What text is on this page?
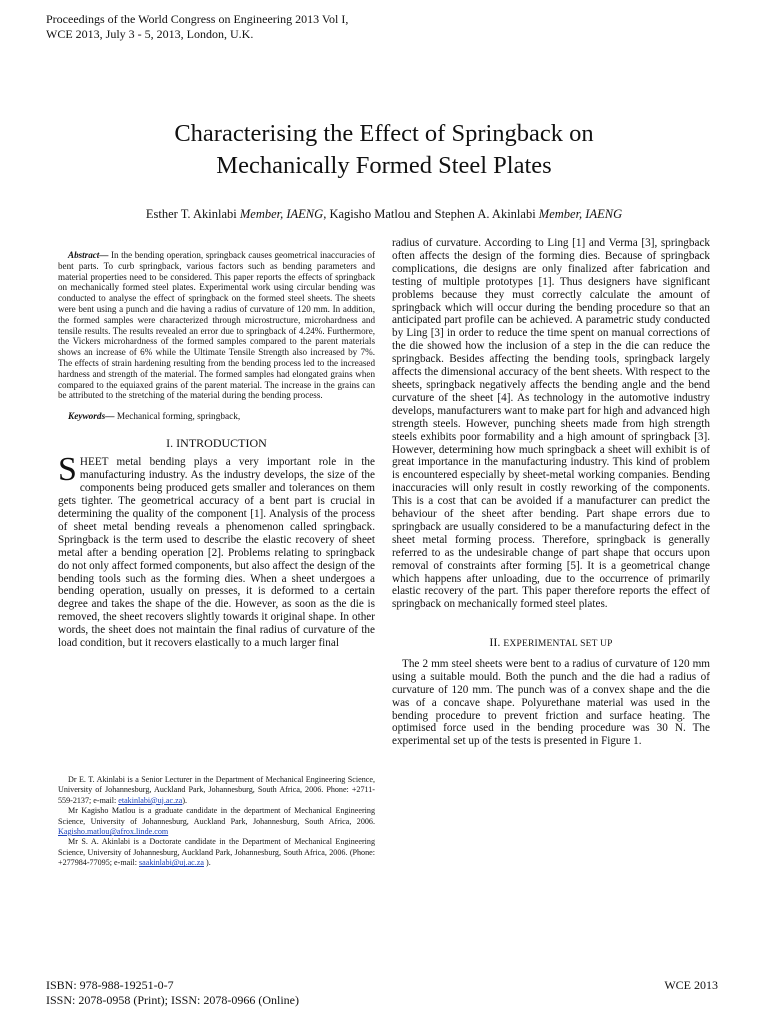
Proceedings of the World Congress on Engineering 2013 Vol I,
WCE 2013, July 3 - 5, 2013, London, U.K.
Characterising the Effect of Springback on
Mechanically Formed Steel Plates
Esther T. Akinlabi Member, IAENG, Kagisho Matlou and Stephen A. Akinlabi Member, IAENG

Abstract— In the bending operation, springback causes geometrical inaccuracies of bent parts. To curb springback, various factors such as bending parameters and material properties need to be considered. This paper reports the effects of springback on mechanically formed steel plates. Experimental work using circular bending was conducted to analyse the effect of springback on the formed steel sheets. The sheets were bent using a punch and die having a radius of curvature of 120 mm. In addition, the formed samples were characterized through microstructure, microhardness and tensile results. The results revealed an error due to springback of 4.24%. Furthermore, the Vickers microhardness of the formed samples compared to the parent materials shows an increase of 6% while the Ultimate Tensile Strength also increased by 7%. The effects of strain hardening resulting from the bending process led to the increased hardness and strength of the material. The formed samples had elongated grains when compared to the equiaxed grains of the parent material. The increase in the grains can be attributed to the stretching of the material during the bending process.

Keywords— Mechanical forming, springback,

I. INTRODUCTION

SHEET metal bending plays a very important role in the manufacturing industry. As the industry develops, the size of the components being produced gets smaller and tolerances on them gets tighter. The geometrical accuracy of a bent part is crucial in determining the quality of the component [1]. Analysis of the process of sheet metal bending reveals a phenomenon called springback. Springback is the term used to describe the elastic recovery of sheet metal after a bending operation [2]. Problems relating to springback do not only affect formed components, but also affect the design of the bending tools such as the forming dies. When a sheet undergoes a bending operation, usually on presses, it is deformed to a certain degree and takes the shape of the die. However, as soon as the die is removed, the sheet recovers slightly towards it original shape. In other words, the sheet does not maintain the final radius of curvature of the load condition, but it recovers elastically to a much larger final

Dr E. T. Akinlabi is a Senior Lecturer in the Department of Mechanical Engineering Science, University of Johannesburg, Auckland Park, Johannesburg, South Africa, 2006. Phone: +2711-559-2137; e-mail: etakinlabi@uj.ac.za).

Mr Kagisho Matlou is a graduate candidate in the department of Mechanical Engineering Science, University of Johannesburg, Auckland Park, Johannesburg, South Africa, 2006. Kagisho.matlou@afrox.linde.com

Mr S. A. Akinlabi is a Doctorate candidate in the Department of Mechanical Engineering Science, University of Johannesburg, Auckland Park, Johannesburg, South Africa, 2006. (Phone: +277984-77095; e-mail: saakinlabi@uj.ac.za ).

radius of curvature. According to Ling [1] and Verma [3], springback often affects the design of the forming dies. Because of springback complications, die designs are only finalized after fabrication and testing of multiple prototypes [1]. Thus designers have significant problems because they must correctly calculate the amount of springback which will occur during the bending procedure so that an anticipated part profile can be achieved. A parametric study conducted by Ling [3] in order to reduce the time spent on manual corrections of the die showed how the inclusion of a step in the die can reduce the springback. Besides affecting the bending tools, springback largely affects the dimensional accuracy of the bent sheets. With respect to the sheets, springback negatively affects the bending angle and the bend curvature of the sheet [4]. As technology in the automotive industry develops, manufacturers want to make part for high and advanced high strength steels. However, punching sheets made from high strength steels exhibits poor formability and a high amount of springback [3]. However, determining how much springback a sheet will exhibit is of great importance in the manufacturing industry. This kind of problem is encountered especially by sheet-metal working companies. Bending inaccuracies will only result in costly reworking of the components. This is a cost that can be avoided if a manufacturer can predict the behaviour of the sheet after bending. Part shape errors due to springback are usually considered to be a manufacturing defect in the sheet metal forming process. Therefore, springback is generally referred to as the undesirable change of part shape that occurs upon removal of constraints after forming [5]. It is a geometrical change which happens after unloading, due to the occurrence of primarily elastic recovery of the part. This paper therefore reports the effect of springback on mechanically formed steel plates.

II. EXPERIMENTAL SET UP

The 2 mm steel sheets were bent to a radius of curvature of 120 mm using a suitable mould. Both the punch and the die had a radius of curvature of 120 mm. The punch was of a convex shape and the die was of a concave shape. Polyurethane material was used in the bending procedure to prevent friction and surface heating. The optimised force used in the bending procedure was 30 N. The experimental set up of the tests is presented in Figure 1.

ISBN: 978-988-19251-0-7
ISSN: 2078-0958 (Print); ISSN: 2078-0966 (Online)
WCE 2013
